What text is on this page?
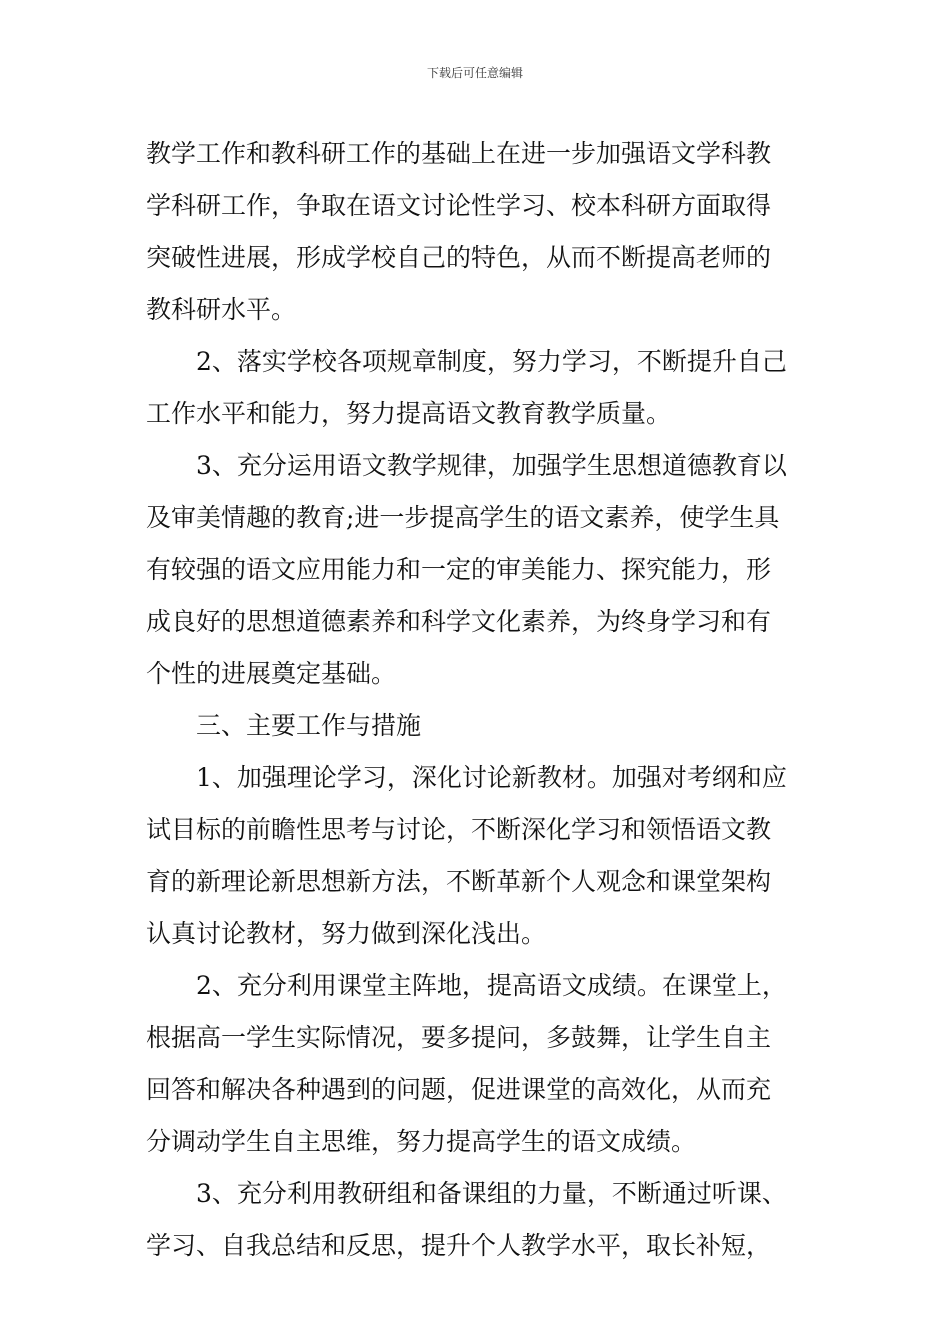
下载后可任意编辑
教学工作和教科研工作的基础上在进一步加强语文学科教
学科研工作，争取在语文讨论性学习、校本科研方面取得
突破性进展，形成学校自己的特色，从而不断提高老师的
教科研水平。
　　2、落实学校各项规章制度，努力学习，不断提升自己
工作水平和能力，努力提高语文教育教学质量。
　　3、充分运用语文教学规律，加强学生思想道德教育以
及审美情趣的教育;进一步提高学生的语文素养，使学生具
有较强的语文应用能力和一定的审美能力、探究能力，形
成良好的思想道德素养和科学文化素养，为终身学习和有
个性的进展奠定基础。
　　三、主要工作与措施
　　1、加强理论学习，深化讨论新教材。加强对考纲和应
试目标的前瞻性思考与讨论，不断深化学习和领悟语文教
育的新理论新思想新方法，不断革新个人观念和课堂架构
认真讨论教材，努力做到深化浅出。
　　2、充分利用课堂主阵地，提高语文成绩。在课堂上，
根据高一学生实际情况，要多提问，多鼓舞，让学生自主
回答和解决各种遇到的问题，促进课堂的高效化，从而充
分调动学生自主思维，努力提高学生的语文成绩。
　　3、充分利用教研组和备课组的力量，不断通过听课、
学习、自我总结和反思，提升个人教学水平，取长补短，
